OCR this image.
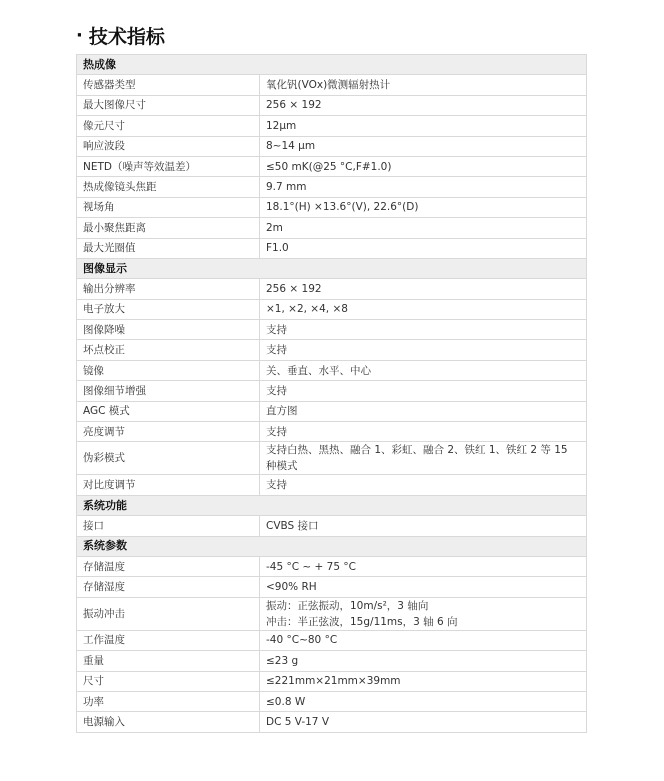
· 技术指标
热成像	
传感器类型	氧化钒(VOx)微测辐射热计
最大图像尺寸	256 × 192
像元尺寸	12μm
响应波段	8~14 μm
NETD（噪声等效温差）	≤50 mK(@25 °C,F#1.0)
热成像镜头焦距	9.7 mm
视场角	18.1°(H) ×13.6°(V), 22.6°(D)
最小聚焦距离	2m
最大光圈值	F1.0
图像显示	
输出分辨率	256 × 192
电子放大	×1, ×2, ×4, ×8
图像降噪	支持
坏点校正	支持
镜像	关、垂直、水平、中心
图像细节增强	支持
AGC 模式	直方图
亮度调节	支持
伪彩模式	支持白热、黑热、融合 1、彩虹、融合 2、铁红 1、铁红 2 等 15 种模式
对比度调节	支持
系统功能	
接口	CVBS 接口
系统参数	
存储温度	-45 °C ~ + 75 °C
存储湿度	<90% RH
振动冲击	振动：正弦振动，10m/s²，3 轴向
冲击：半正弦波，15g/11ms，3 轴 6 向

工作温度	-40 °C~80 °C
重量	≤23 g
尺寸	≤221mm×21mm×39mm
功率	≤0.8 W
电源输入	DC 5 V-17 V
